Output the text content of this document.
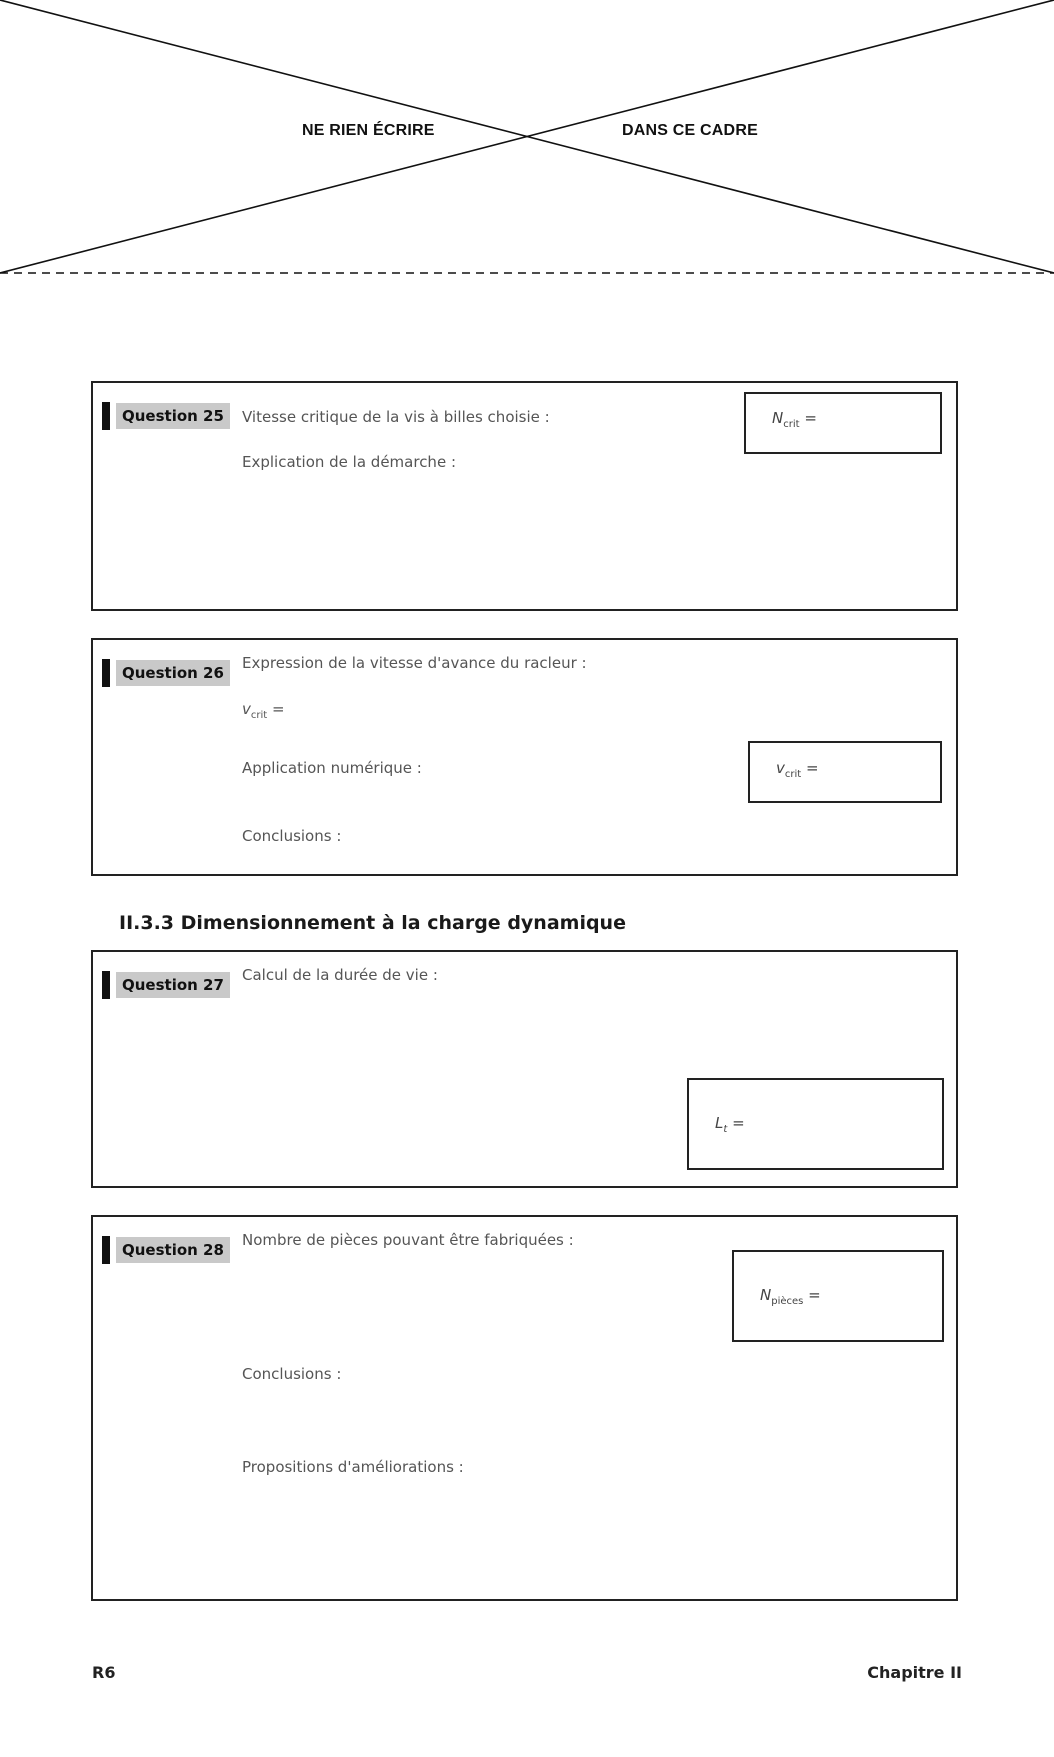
NE RIEN ÉCRIRE	DANS CE CADRE
Question 25	Vitesse critique de la vis à billes choisie :
Explication de la démarche :
$N_{crit}$ =
Question 26
Expression de la vitesse d'avance du racleur :
$v_{crit}$ =
Application numérique :
Conclusions :
$v_{crit}$ =
II.3.3 Dimensionnement à la charge dynamique
Question 27
Calcul de la durée de vie :
$L_t$ =
Question 28
Nombre de pièces pouvant être fabriquées :
$N_{pièces}$ =
Conclusions :
Propositions d'améliorations :
R6	Chapitre II
